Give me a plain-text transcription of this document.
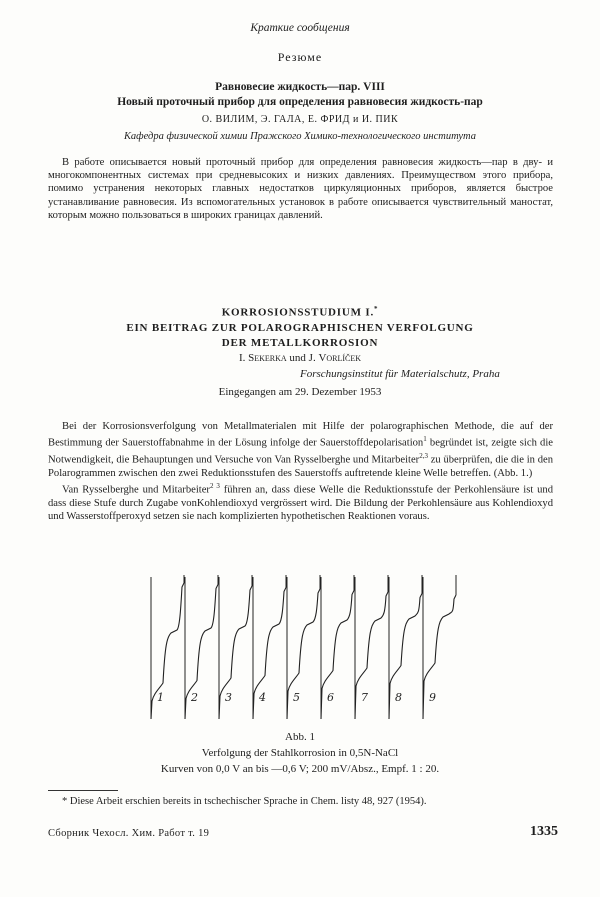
Краткие сообщения
Резюме
Равновесие жидкость—пар. VIII
Новый проточный прибор для определения равновесия жидкость-пар
О. ВИЛИМ, Э. ГАЛА, Е. ФРИД и И. ПИК
Кафедра физической химии Пражского Химико-технологического института

В работе описывается новый проточный прибор для определения равновесия жидкость—пар в дву- и многокомпонентных системах при средневысоких и низких давлениях. Преимуществом этого прибора, помимо устранения некоторых главных недостатков циркуляционных приборов, является быстрое устанавливание равновесия. Из вспомогательных установок в работе описывается чувствительный маностат, которым можно пользоваться в широких границах давлений.

KORROSIONSSTUDIUM I.*
EIN BEITRAG ZUR POLAROGRAPHISCHEN VERFOLGUNG
DER METALLKORROSION
I. Sekerka und J. Vorlíček
Forschungsinstitut für Materialschutz, Praha
Eingegangen am 29. Dezember 1953

Bei der Korrosionsverfolgung von Metallmaterialen mit Hilfe der polarographischen Methode, die auf der Bestimmung der Sauerstoffabnahme in der Lösung infolge der Sauerstoffdepolarisation$^1$ begründet ist, zeigte sich die Notwendigkeit, die Behauptungen und Versuche von Van Rysselberghe und Mitarbeiter$^{2,3}$ zu überprüfen, die die in den Polarogrammen zwischen den zwei Reduktionsstufen des Sauerstoffs auftretende kleine Welle betreffen. (Abb. 1.)

Van Rysselberghe und Mitarbeiter$^{2 3}$ führen an, dass diese Welle die Reduktionsstufe der Perkohlensäure ist und dass diese Stufe durch Zugabe vonKohlendioxyd vergrössert wird. Die Bildung der Perkohlensäure aus Kohlendioxyd und Wasserstoffperoxyd setzen sie nach komplizierten hypothetischen Reaktionen voraus.

1 2 3 4 5 6 7 8 9
Abb. 1
Verfolgung der Stahlkorrosion in 0,5N-NaCl
Kurven von 0,0 V an bis —0,6 V; 200 mV/Absz., Empf. 1 : 20.
* Diese Arbeit erschien bereits in tschechischer Sprache in Chem. listy 48, 927 (1954).
Сборник Чехосл. Хим. Работ т. 19	1335
